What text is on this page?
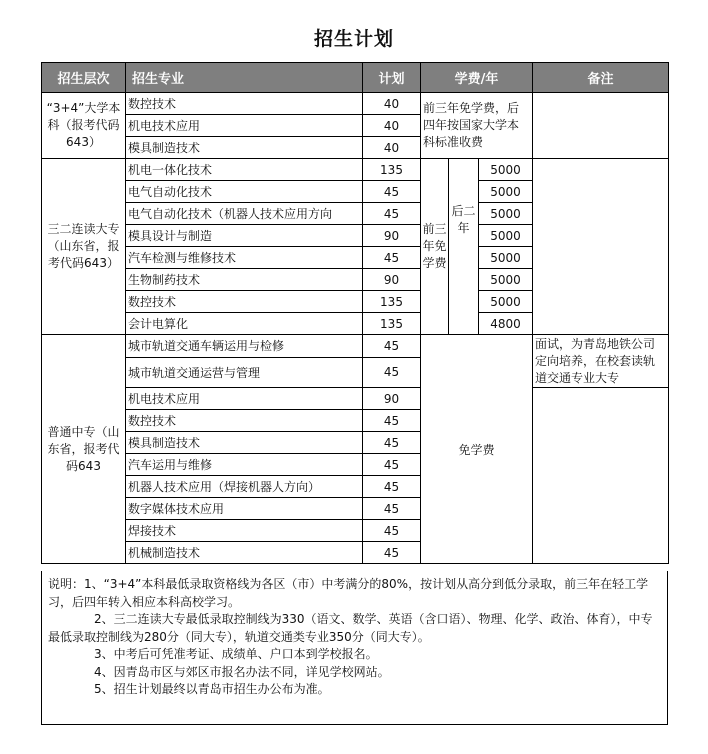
招生计划
招生层次	招生专业	计划	学费/年			备注
“3+4”大学本科（报考代码643）	数控技术	40	前三年免学费，后四年按国家大学本科标准收费			
	机电技术应用	40				
	模具制造技术	40				
三二连读大专（山东省，报考代码643）	机电一体化技术	135	前三年免学费	后二年	5000	
	电气自动化技术	45			5000	
	电气自动化技术（机器人技术应用方向	45			5000	
	模具设计与制造	90			5000	
	汽车检测与维修技术	45			5000	
	生物制药技术	90			5000	
	数控技术	135			5000	
	会计电算化	135			4800	
普通中专（山东省，报考代码643	城市轨道交通车辆运用与检修	45	免学费			面试，为青岛地铁公司定向培养，在校套读轨道交通专业大专
	城市轨道交通运营与管理	45				
	机电技术应用	90				
	数控技术	45				
	模具制造技术	45				
	汽车运用与维修	45				
	机器人技术应用（焊接机器人方向）	45				
	数字媒体技术应用	45				
	焊接技术	45				
	机械制造技术	45				

说明：1、“3+4”本科最低录取资格线为各区（市）中考满分的80%，按计划从高分到低分录取，前三年在轻工学习，后四年转入相应本科高校学习。

2、三二连读大专最低录取控制线为330（语文、数学、英语（含口语）、物理、化学、政治、体育），中专最低录取控制线为280分（同大专），轨道交通类专业350分（同大专）。

3、中考后可凭准考证、成绩单、户口本到学校报名。

4、因青岛市区与郊区市报名办法不同，详见学校网站。

5、招生计划最终以青岛市招生办公布为准。
